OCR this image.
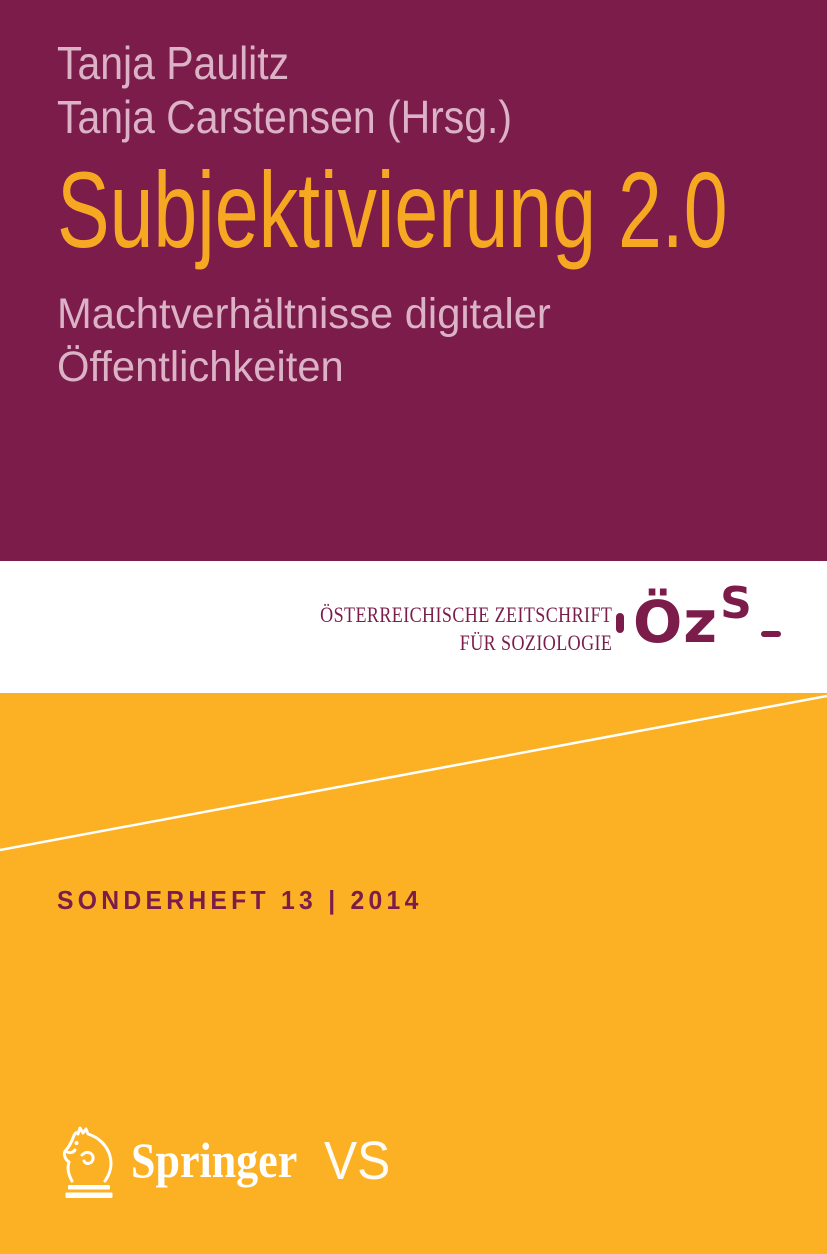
Tanja Paulitz
Tanja Carstensen (Hrsg.)
Subjektivierung 2.0
Machtverhältnisse digitaler
Öffentlichkeiten
ÖSTERREICHISCHE ZEITSCHRIFT
FÜR SOZIOLOGIE Öz S
SONDERHEFT 13 | 2014
Springer VS
